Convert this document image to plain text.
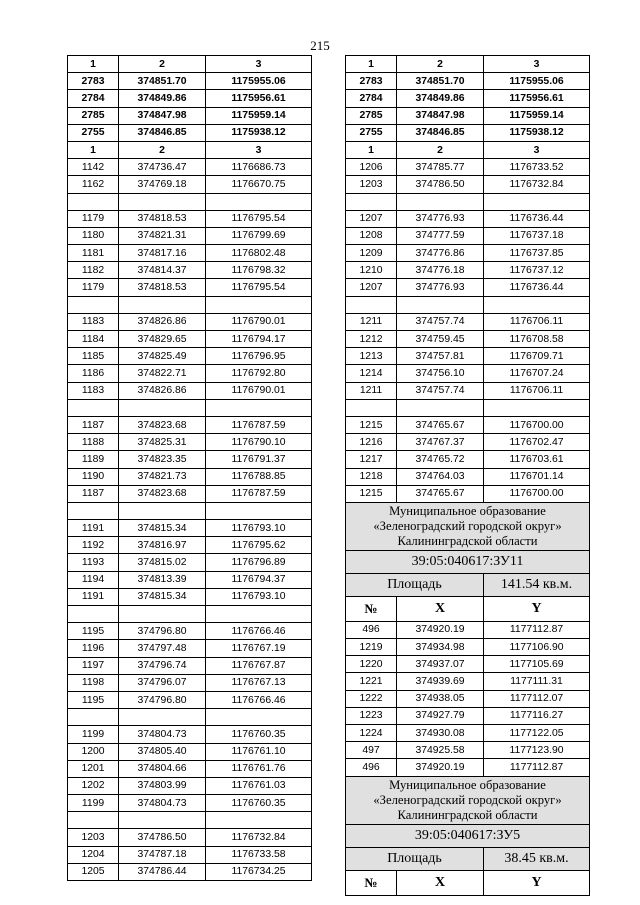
215
1	2	3
2783	374851.70	1175955.06
2784	374849.86	1175956.61
2785	374847.98	1175959.14
2755	374846.85	1175938.12
1	2	3
1142	374736.47	1176686.73
1162	374769.18	1176670.75

1179	374818.53	1176795.54
1180	374821.31	1176799.69
1181	374817.16	1176802.48
1182	374814.37	1176798.32
1179	374818.53	1176795.54

1183	374826.86	1176790.01
1184	374829.65	1176794.17
1185	374825.49	1176796.95
1186	374822.71	1176792.80
1183	374826.86	1176790.01

1187	374823.68	1176787.59
1188	374825.31	1176790.10
1189	374823.35	1176791.37
1190	374821.73	1176788.85
1187	374823.68	1176787.59

1191	374815.34	1176793.10
1192	374816.97	1176795.62
1193	374815.02	1176796.89
1194	374813.39	1176794.37
1191	374815.34	1176793.10

1195	374796.80	1176766.46
1196	374797.48	1176767.19
1197	374796.74	1176767.87
1198	374796.07	1176767.13
1195	374796.80	1176766.46

1199	374804.73	1176760.35
1200	374805.40	1176761.10
1201	374804.66	1176761.76
1202	374803.99	1176761.03
1199	374804.73	1176760.35

1203	374786.50	1176732.84
1204	374787.18	1176733.58
1205	374786.44	1176734.25
1	2	3
2783	374851.70	1175955.06
2784	374849.86	1175956.61
2785	374847.98	1175959.14
2755	374846.85	1175938.12
1	2	3
1206	374785.77	1176733.52
1203	374786.50	1176732.84

1207	374776.93	1176736.44
1208	374777.59	1176737.18
1209	374776.86	1176737.85
1210	374776.18	1176737.12
1207	374776.93	1176736.44

1211	374757.74	1176706.11
1212	374759.45	1176708.58
1213	374757.81	1176709.71
1214	374756.10	1176707.24
1211	374757.74	1176706.11

1215	374765.67	1176700.00
1216	374767.37	1176702.47
1217	374765.72	1176703.61
1218	374764.03	1176701.14
1215	374765.67	1176700.00

Муниципальное образование
«Зеленоградский городской округ»
Калининградской области		

39:05:040617:ЗУ11		
Площадь		141.54 кв.м.
№	X	Y
496	374920.19	1177112.87
1219	374934.98	1177106.90
1220	374937.07	1177105.69
1221	374939.69	1177111.31
1222	374938.05	1177112.07
1223	374927.79	1177116.27
1224	374930.08	1177122.05
497	374925.58	1177123.90
496	374920.19	1177112.87

Муниципальное образование
«Зеленоградский городской округ»
Калининградской области		

39:05:040617:ЗУ5		
Площадь		38.45 кв.м.
№	X	Y
